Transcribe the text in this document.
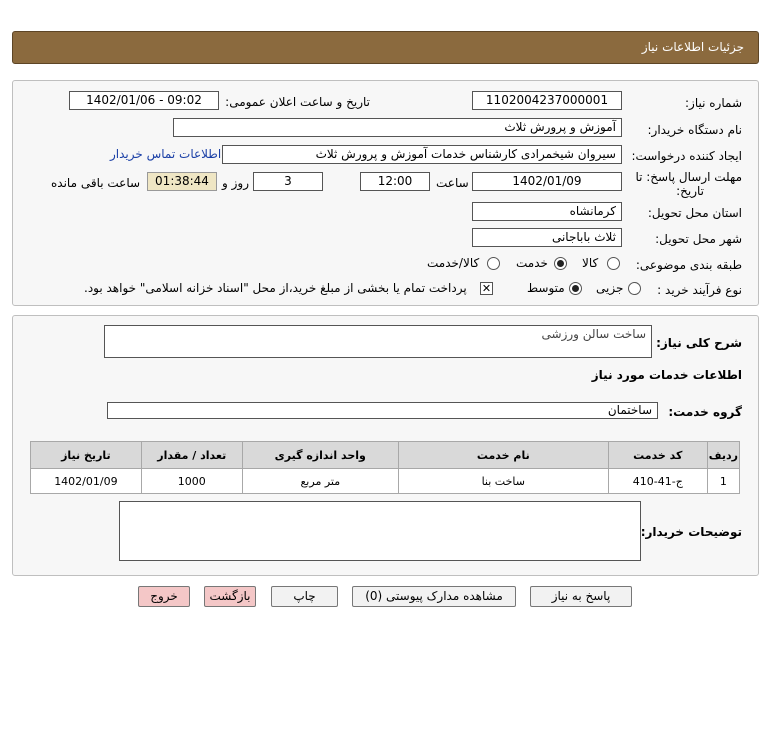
جزئیات اطلاعات نیاز
شماره نیاز:
1102004237000001
تاریخ و ساعت اعلان عمومی:
1402/01/06 - 09:02
نام دستگاه خریدار:
آموزش و پرورش ثلاث
ایجاد کننده درخواست:
سیروان شیخمرادی کارشناس خدمات آموزش و پرورش ثلاث
اطلاعات تماس خریدار
مهلت ارسال پاسخ: تا
تاریخ:
1402/01/09
ساعت
12:00
3
روز و
01:38:44
ساعت باقی مانده
استان محل تحویل:
کرمانشاه
شهر محل تحویل:
ثلاث باباجانی
طبقه بندی موضوعی:
کالا
خدمت
کالا/خدمت
نوع فرآیند خرید :
جزیی
متوسط
✕
پرداخت تمام یا بخشی از مبلغ خرید،از محل "اسناد خزانه اسلامی" خواهد بود.
شرح کلی نیاز:
ساخت سالن ورزشی
اطلاعات خدمات مورد نیاز
گروه خدمت:
ساختمان
ردیف	کد خدمت	نام خدمت	واحد اندازه گیری	تعداد / مقدار	تاریخ نیاز
1	ج-41-410	ساخت بنا	متر مربع	1000	1402/01/09
توضیحات خریدار:
پاسخ به نیاز
مشاهده مدارک پیوستی (0)
چاپ
بازگشت
خروج
